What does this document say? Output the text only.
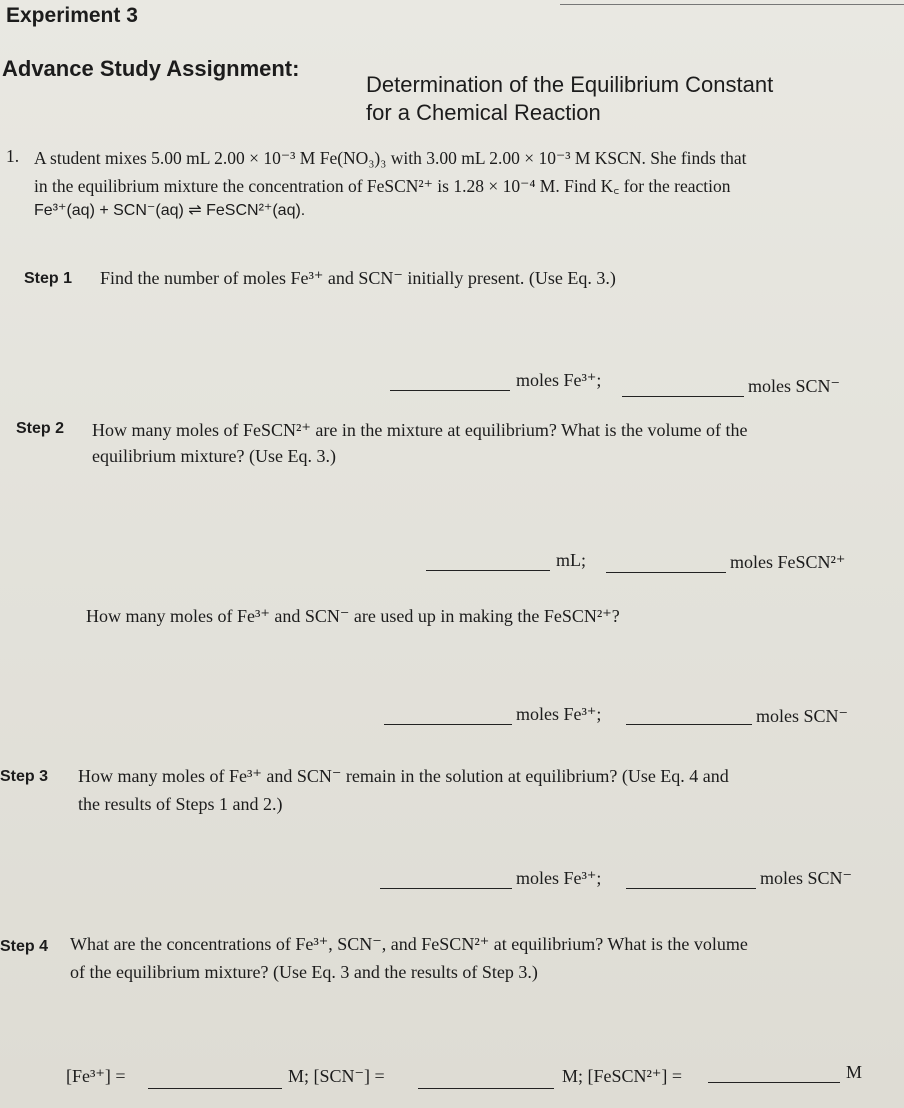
Experiment 3
Advance Study Assignment:
Determination of the Equilibrium Constant
for a Chemical Reaction
1. A student mixes 5.00 mL 2.00 × 10⁻³ M Fe(NO₃)₃ with 3.00 mL 2.00 × 10⁻³ M KSCN. She finds that
in the equilibrium mixture the concentration of FeSCN²⁺ is 1.28 × 10⁻⁴ M. Find K꜀ for the reaction
Fe³⁺(aq) + SCN⁻(aq) ⇌ FeSCN²⁺(aq).
Step 1 Find the number of moles Fe³⁺ and SCN⁻ initially present. (Use Eq. 3.)
moles Fe³⁺;	moles SCN⁻
Step 2 How many moles of FeSCN²⁺ are in the mixture at equilibrium? What is the volume of the
equilibrium mixture? (Use Eq. 3.)
mL;	moles FeSCN²⁺
How many moles of Fe³⁺ and SCN⁻ are used up in making the FeSCN²⁺?
moles Fe³⁺;	moles SCN⁻
Step 3 How many moles of Fe³⁺ and SCN⁻ remain in the solution at equilibrium? (Use Eq. 4 and
the results of Steps 1 and 2.)
moles Fe³⁺;	moles SCN⁻
Step 4 What are the concentrations of Fe³⁺, SCN⁻, and FeSCN²⁺ at equilibrium? What is the volume
of the equilibrium mixture? (Use Eq. 3 and the results of Step 3.)
[Fe³⁺] =	M; [SCN⁻] =	M; [FeSCN²⁺] =	M
